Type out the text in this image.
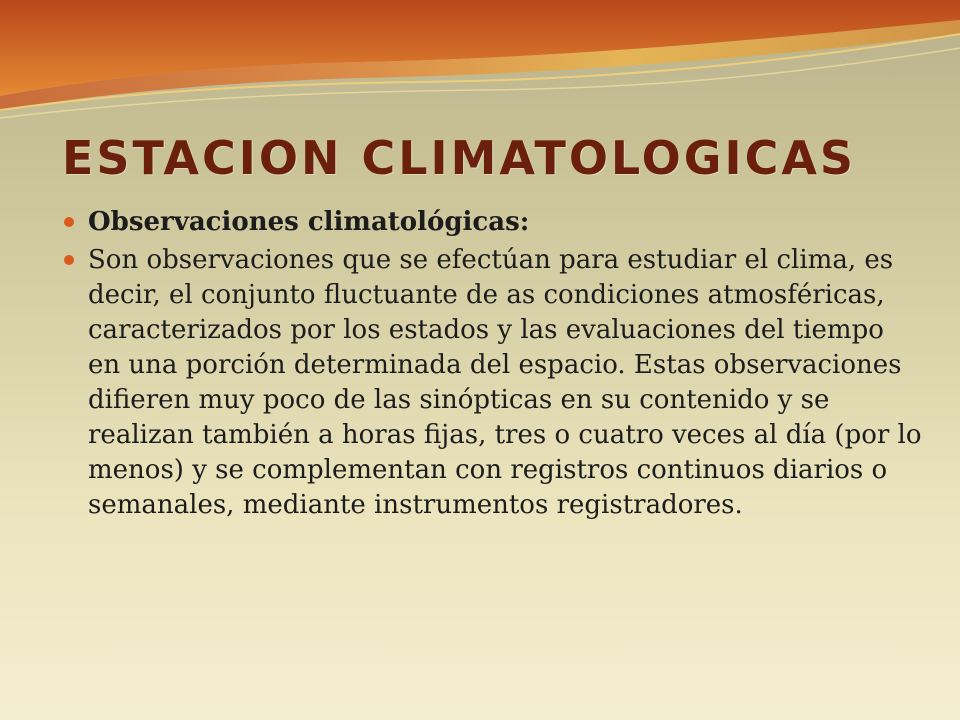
ESTACION CLIMATOLOGICAS
Observaciones climatológicas:
Son observaciones que se efectúan para estudiar el clima, es decir, el conjunto fluctuante de as condiciones atmosféricas, caracterizados por los estados y las evaluaciones del tiempo en una porción determinada del espacio. Estas observaciones difieren muy poco de las sinópticas en su contenido y se realizan también a horas fijas, tres o cuatro veces al día (por lo menos) y se complementan con registros continuos diarios o semanales, mediante instrumentos registradores.
